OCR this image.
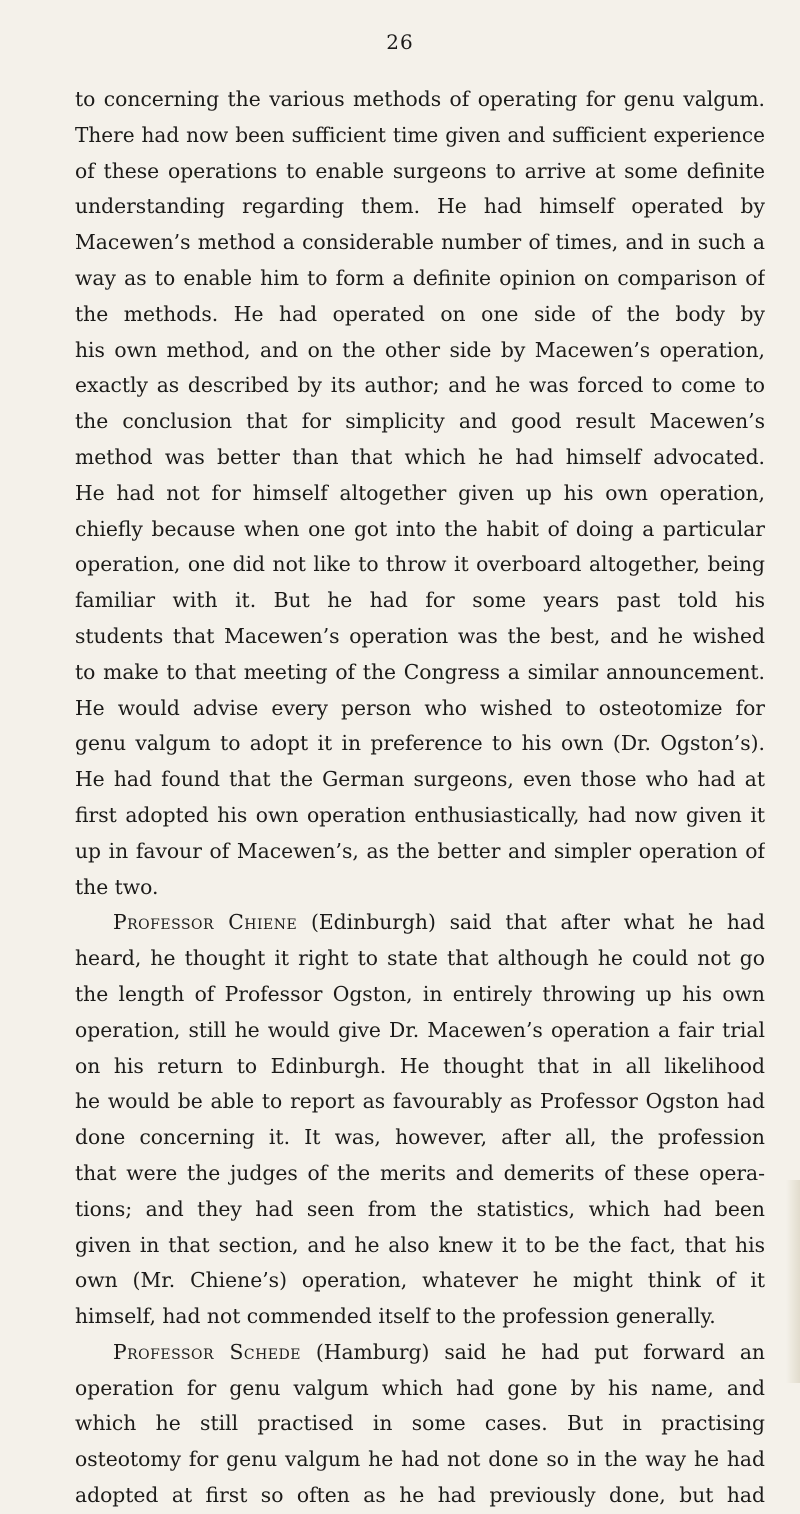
26
to concerning the various methods of operating for genu valgum.
There had now been sufficient time given and sufficient experience
of these operations to enable surgeons to arrive at some definite
understanding regarding them. He had himself operated by
Macewen’s method a considerable number of times, and in such a
way as to enable him to form a definite opinion on comparison of
the methods. He had operated on one side of the body by
his own method, and on the other side by Macewen’s operation,
exactly as described by its author; and he was forced to come to
the conclusion that for simplicity and good result Macewen’s
method was better than that which he had himself advocated.
He had not for himself altogether given up his own operation,
chiefly because when one got into the habit of doing a particular
operation, one did not like to throw it overboard altogether, being
familiar with it. But he had for some years past told his
students that Macewen’s operation was the best, and he wished
to make to that meeting of the Congress a similar announcement.
He would advise every person who wished to osteotomize for
genu valgum to adopt it in preference to his own (Dr. Ogston’s).
He had found that the German surgeons, even those who had at
first adopted his own operation enthusiastically, had now given it
up in favour of Macewen’s, as the better and simpler operation of
the two.
Professor Chiene (Edinburgh) said that after what he had
heard, he thought it right to state that although he could not go
the length of Professor Ogston, in entirely throwing up his own
operation, still he would give Dr. Macewen’s operation a fair trial
on his return to Edinburgh. He thought that in all likelihood
he would be able to report as favourably as Professor Ogston had
done concerning it. It was, however, after all, the profession
that were the judges of the merits and demerits of these opera-
tions; and they had seen from the statistics, which had been
given in that section, and he also knew it to be the fact, that his
own (Mr. Chiene’s) operation, whatever he might think of it
himself, had not commended itself to the profession generally.
Professor Schede (Hamburg) said he had put forward an
operation for genu valgum which had gone by his name, and
which he still practised in some cases. But in practising
osteotomy for genu valgum he had not done so in the way he had
adopted at first so often as he had previously done, but had
